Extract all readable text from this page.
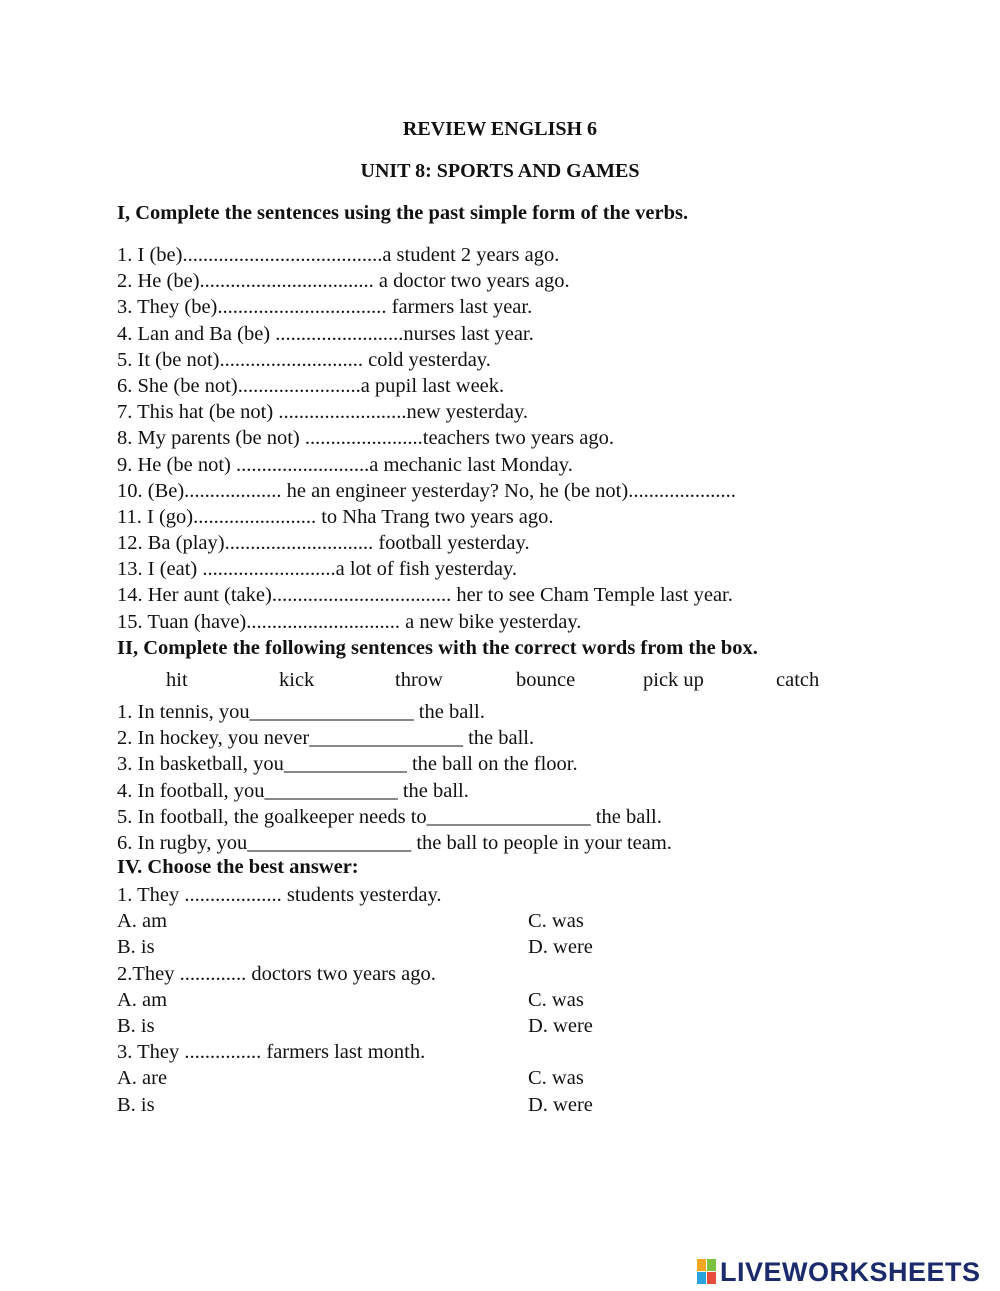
REVIEW ENGLISH 6
UNIT 8: SPORTS AND GAMES
I, Complete the sentences using the past simple form of the verbs.
1. I (be).......................................a student 2 years ago.
2. He (be).................................. a doctor two years ago.
3. They (be)................................. farmers last year.
4. Lan and Ba (be) .........................nurses last year.
5. It (be not)............................ cold yesterday.
6. She (be not)........................a pupil last week.
7. This hat (be not) .........................new yesterday.
8. My parents (be not) .......................teachers two years ago.
9. He (be not) ..........................a mechanic last Monday.
10. (Be)................... he an engineer yesterday? No, he (be not).....................
11. I (go)........................ to Nha Trang two years ago.
12. Ba (play)............................. football yesterday.
13. I (eat) ..........................a lot of fish yesterday.
14. Her aunt (take)................................... her to see Cham Temple last year.
15. Tuan (have).............................. a new bike yesterday.
II, Complete the following sentences with the correct words from the box.
hit	kick	throw	bounce	pick up	catch
1. In tennis, you________________ the ball.
2. In hockey, you never_______________ the ball.
3. In basketball, you____________ the ball on the floor.
4. In football, you_____________ the ball.
5. In football, the goalkeeper needs to________________ the ball.
6. In rugby, you________________ the ball to people in your team.
IV. Choose the best answer:
1. They ................... students yesterday.
A. am	C. was
B. is	D. were
2.They ............. doctors two years ago.
A. am	C. was
B. is	D. were
3. They ............... farmers last month.
A. are	C. was
B. is	D. were
LIVEWORKSHEETS
